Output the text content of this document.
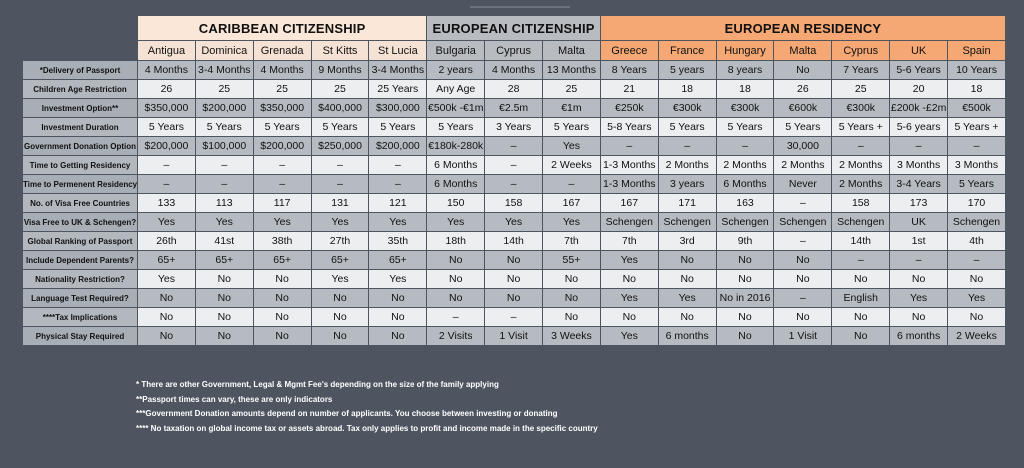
	CARIBBEAN CITIZENSHIP					EUROPEAN CITIZENSHIP			EUROPEAN RESIDENCY						
	Antigua	Dominica	Grenada	St Kitts	St Lucia	Bulgaria	Cyprus	Malta	Greece	France	Hungary	Malta	Cyprus	UK	Spain
*Delivery of Passport	4 Months	3-4 Months	4 Months	9 Months	3-4 Months	2 years	4 Months	13 Months	8 Years	5 years	8 years	No	7 Years	5-6 Years	10 Years
Children Age Restriction	26	25	25	25	25 Years	Any Age	28	25	21	18	18	26	25	20	18
Investment Option**	$350,000	$200,000	$350,000	$400,000	$300,000	€500k -€1m	€2.5m	€1m	€250k	€300k	€300k	€600k	€300k	£200k -£2m	€500k
Investment Duration	5 Years	5 Years	5 Years	5 Years	5 Years	5 Years	3 Years	5 Years	5-8 Years	5 Years	5 Years	5 Years	5 Years +	5-6 years	5 Years +
Government Donation Option	$200,000	$100,000	$200,000	$250,000	$200,000	€180k-280k	–	Yes	–	–	–	30,000	–	–	–
Time to Getting Residency	–	–	–	–	–	6 Months	–	2 Weeks	1-3 Months	2 Months	2 Months	2 Months	2 Months	3 Months	3 Months
Time to Permenent Residency	–	–	–	–	–	6 Months	–	–	1-3 Months	3 years	6 Months	Never	2 Months	3-4 Years	5 Years
No. of Visa Free Countries	133	113	117	131	121	150	158	167	167	171	163	–	158	173	170
Visa Free to UK & Schengen?	Yes	Yes	Yes	Yes	Yes	Yes	Yes	Yes	Schengen	Schengen	Schengen	Schengen	Schengen	UK	Schengen
Global Ranking of Passport	26th	41st	38th	27th	35th	18th	14th	7th	7th	3rd	9th	–	14th	1st	4th
Include Dependent Parents?	65+	65+	65+	65+	65+	No	No	55+	Yes	No	No	No	–	–	–
Nationality Restriction?	Yes	No	No	Yes	Yes	No	No	No	No	No	No	No	No	No	No
Language Test Required?	No	No	No	No	No	No	No	No	Yes	Yes	No in 2016	–	English	Yes	Yes
****Tax Implications	No	No	No	No	No	–	–	No	No	No	No	No	No	No	No
Physical Stay Required	No	No	No	No	No	2 Visits	1 Visit	3 Weeks	Yes	6 months	No	1 Visit	No	6 months	2 Weeks
* There are other Government, Legal & Mgmt Fee's depending on the size of the family applying
**Passport times can vary, these are only indicators
***Government Donation amounts depend on number of applicants. You choose between investing or donating
**** No taxation on global income tax or assets abroad. Tax only applies to profit and income made in the specific country
